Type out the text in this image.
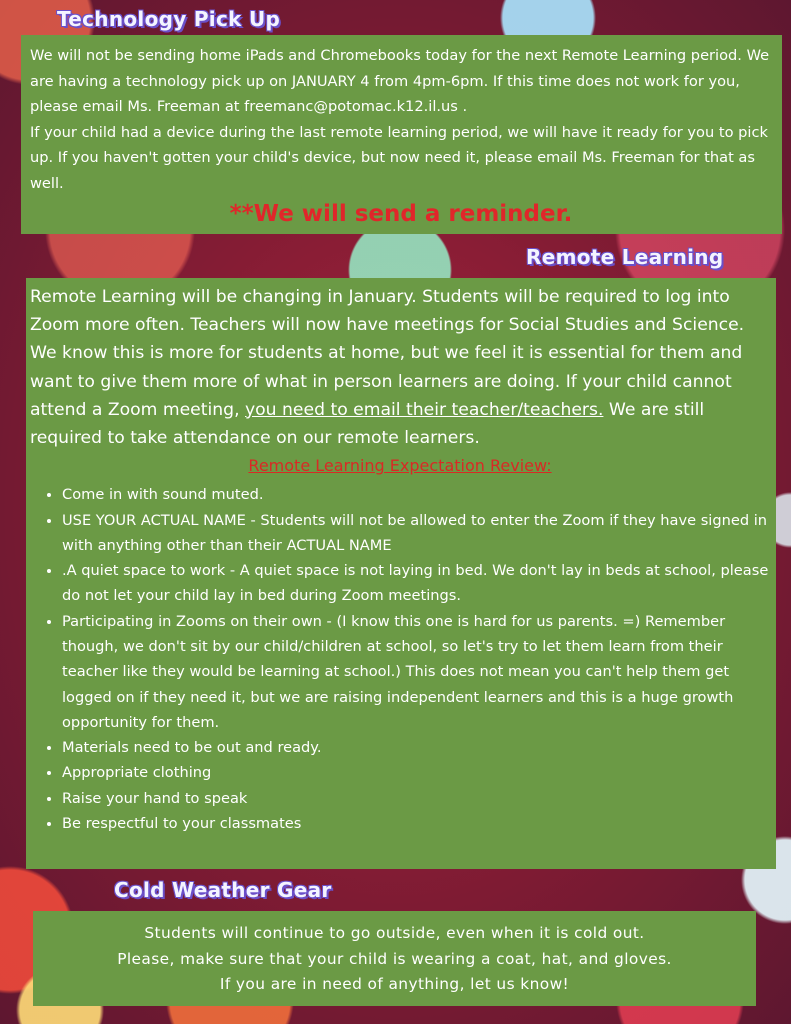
Technology Pick Up

We will not be sending home iPads and Chromebooks today for the next Remote Learning period. We are having a technology pick up on JANUARY 4 from 4pm-6pm. If this time does not work for you, please email Ms. Freeman at freemanc@potomac.k12.il.us .

If your child had a device during the last remote learning period, we will have it ready for you to pick up. If you haven't gotten your child's device, but now need it, please email Ms. Freeman for that as well.

**We will send a reminder.

Remote Learning

Remote Learning will be changing in January. Students will be required to log into Zoom more often. Teachers will now have meetings for Social Studies and Science. We know this is more for students at home, but we feel it is essential for them and want to give them more of what in person learners are doing. If your child cannot attend a Zoom meeting, you need to email their teacher/teachers. We are still required to take attendance on our remote learners.

Remote Learning Expectation Review:

• Come in with sound muted.
• USE YOUR ACTUAL NAME - Students will not be allowed to enter the Zoom if they have signed in with anything other than their ACTUAL NAME
• .A quiet space to work - A quiet space is not laying in bed. We don't lay in beds at school, please do not let your child lay in bed during Zoom meetings.
• Participating in Zooms on their own - (I know this one is hard for us parents. =) Remember though, we don't sit by our child/children at school, so let's try to let them learn from their teacher like they would be learning at school.) This does not mean you can't help them get logged on if they need it, but we are raising independent learners and this is a huge growth opportunity for them.
• Materials need to be out and ready.
• Appropriate clothing
• Raise your hand to speak
• Be respectful to your classmates
Cold Weather Gear

Students will continue to go outside, even when it is cold out.

Please, make sure that your child is wearing a coat, hat, and gloves.

If you are in need of anything, let us know!
